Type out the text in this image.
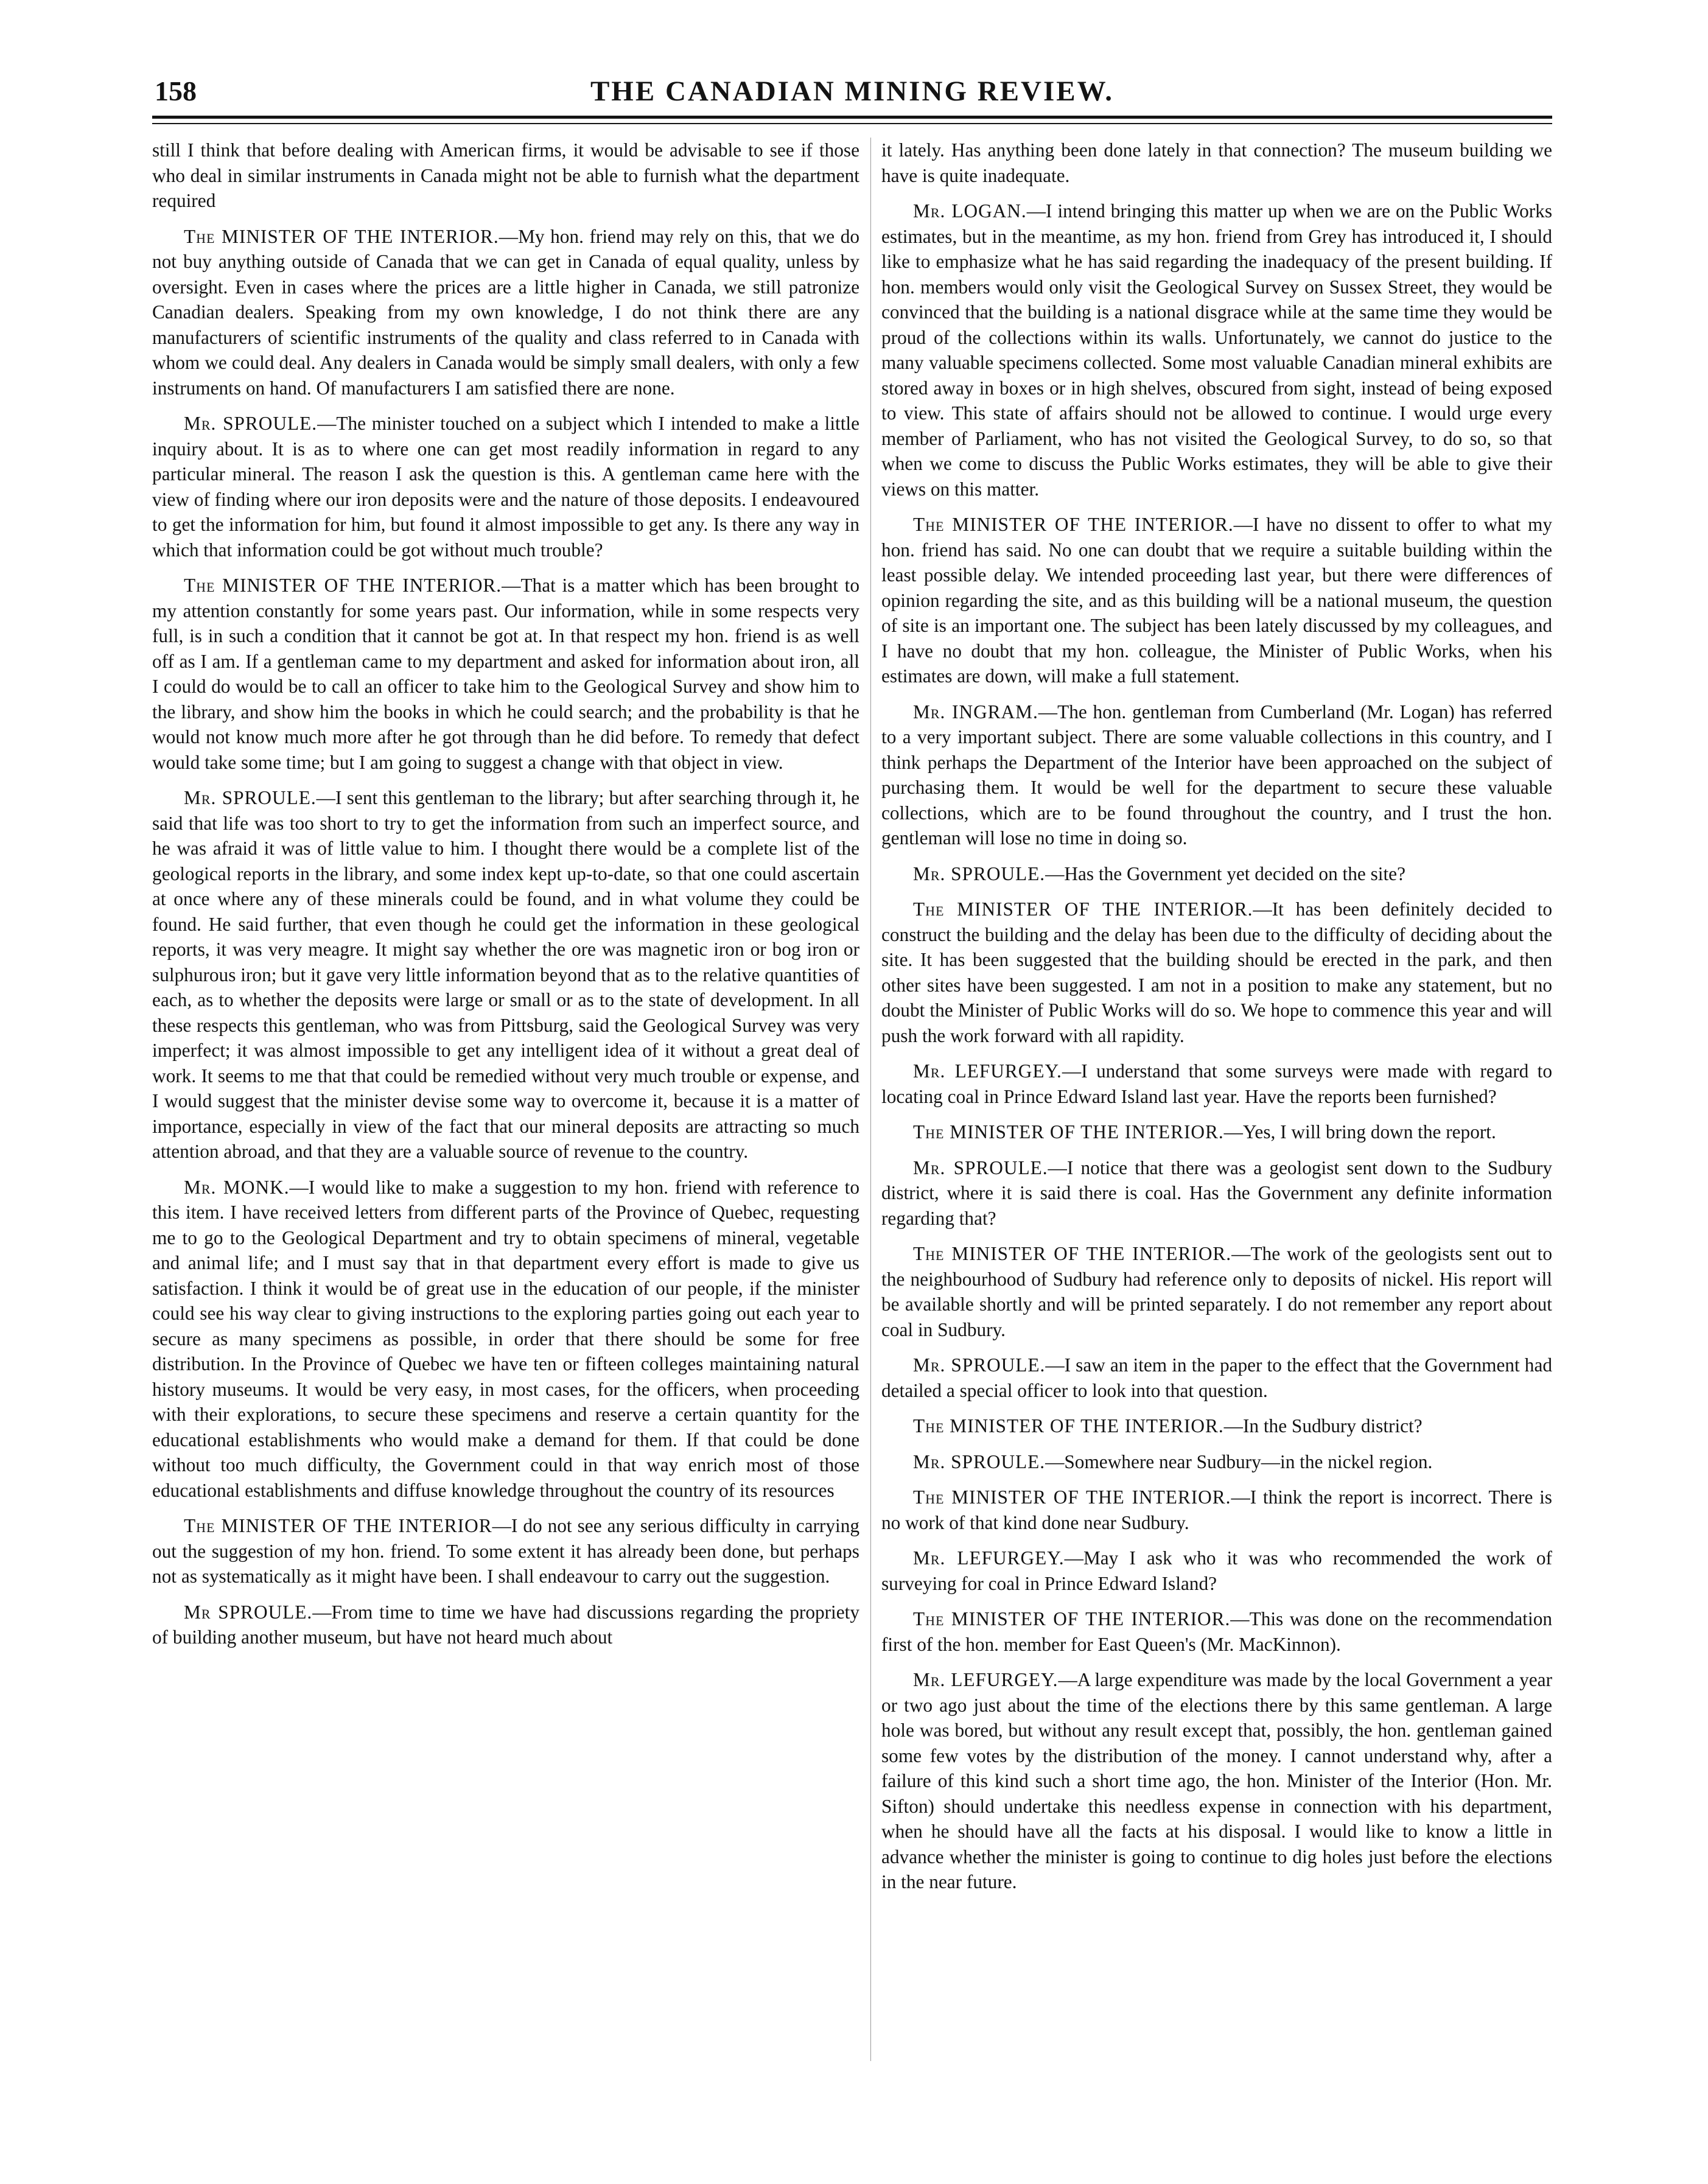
158	THE CANADIAN MINING REVIEW.

still I think that before dealing with American firms, it would be advisable to see if those who deal in similar instruments in Canada might not be able to furnish what the department required

The MINISTER OF THE INTERIOR.—My hon. friend may rely on this, that we do not buy anything outside of Canada that we can get in Canada of equal quality, unless by oversight. Even in cases where the prices are a little higher in Canada, we still patronize Canadian dealers. Speaking from my own knowledge, I do not think there are any manufacturers of scientific instruments of the quality and class referred to in Canada with whom we could deal. Any dealers in Canada would be simply small dealers, with only a few instruments on hand. Of manufacturers I am satisfied there are none.

Mr. SPROULE.—The minister touched on a subject which I intended to make a little inquiry about. It is as to where one can get most readily information in regard to any particular mineral. The reason I ask the question is this. A gentleman came here with the view of finding where our iron deposits were and the nature of those deposits. I endeavoured to get the information for him, but found it almost impossible to get any. Is there any way in which that information could be got without much trouble?

The MINISTER OF THE INTERIOR.—That is a matter which has been brought to my attention constantly for some years past. Our information, while in some respects very full, is in such a condition that it cannot be got at. In that respect my hon. friend is as well off as I am. If a gentleman came to my department and asked for information about iron, all I could do would be to call an officer to take him to the Geological Survey and show him to the library, and show him the books in which he could search; and the probability is that he would not know much more after he got through than he did before. To remedy that defect would take some time; but I am going to suggest a change with that object in view.

Mr. SPROULE.—I sent this gentleman to the library; but after searching through it, he said that life was too short to try to get the information from such an imperfect source, and he was afraid it was of little value to him. I thought there would be a complete list of the geological reports in the library, and some index kept up-to-date, so that one could ascertain at once where any of these minerals could be found, and in what volume they could be found. He said further, that even though he could get the information in these geological reports, it was very meagre. It might say whether the ore was magnetic iron or bog iron or sulphurous iron; but it gave very little information beyond that as to the relative quantities of each, as to whether the deposits were large or small or as to the state of development. In all these respects this gentleman, who was from Pittsburg, said the Geological Survey was very imperfect; it was almost impossible to get any intelligent idea of it without a great deal of work. It seems to me that that could be remedied without very much trouble or expense, and I would suggest that the minister devise some way to overcome it, because it is a matter of importance, especially in view of the fact that our mineral deposits are attracting so much attention abroad, and that they are a valuable source of revenue to the country.

Mr. MONK.—I would like to make a suggestion to my hon. friend with reference to this item. I have received letters from different parts of the Province of Quebec, requesting me to go to the Geological Department and try to obtain specimens of mineral, vegetable and animal life; and I must say that in that department every effort is made to give us satisfaction. I think it would be of great use in the education of our people, if the minister could see his way clear to giving instructions to the exploring parties going out each year to secure as many specimens as possible, in order that there should be some for free distribution. In the Province of Quebec we have ten or fifteen colleges maintaining natural history museums. It would be very easy, in most cases, for the officers, when proceeding with their explorations, to secure these specimens and reserve a certain quantity for the educational establishments who would make a demand for them. If that could be done without too much difficulty, the Government could in that way enrich most of those educational establishments and diffuse knowledge throughout the country of its resources

The MINISTER OF THE INTERIOR—I do not see any serious difficulty in carrying out the suggestion of my hon. friend. To some extent it has already been done, but perhaps not as systematically as it might have been. I shall endeavour to carry out the suggestion.

Mr SPROULE.—From time to time we have had discussions regarding the propriety of building another museum, but have not heard much about

it lately. Has anything been done lately in that connection? The museum building we have is quite inadequate.

Mr. LOGAN.—I intend bringing this matter up when we are on the Public Works estimates, but in the meantime, as my hon. friend from Grey has introduced it, I should like to emphasize what he has said regarding the inadequacy of the present building. If hon. members would only visit the Geological Survey on Sussex Street, they would be convinced that the building is a national disgrace while at the same time they would be proud of the collections within its walls. Unfortunately, we cannot do justice to the many valuable specimens collected. Some most valuable Canadian mineral exhibits are stored away in boxes or in high shelves, obscured from sight, instead of being exposed to view. This state of affairs should not be allowed to continue. I would urge every member of Parliament, who has not visited the Geological Survey, to do so, so that when we come to discuss the Public Works estimates, they will be able to give their views on this matter.

The MINISTER OF THE INTERIOR.—I have no dissent to offer to what my hon. friend has said. No one can doubt that we require a suitable building within the least possible delay. We intended proceeding last year, but there were differences of opinion regarding the site, and as this building will be a national museum, the question of site is an important one. The subject has been lately discussed by my colleagues, and I have no doubt that my hon. colleague, the Minister of Public Works, when his estimates are down, will make a full statement.

Mr. INGRAM.—The hon. gentleman from Cumberland (Mr. Logan) has referred to a very important subject. There are some valuable collections in this country, and I think perhaps the Department of the Interior have been approached on the subject of purchasing them. It would be well for the department to secure these valuable collections, which are to be found throughout the country, and I trust the hon. gentleman will lose no time in doing so.

Mr. SPROULE.—Has the Government yet decided on the site?

The MINISTER OF THE INTERIOR.—It has been definitely decided to construct the building and the delay has been due to the difficulty of deciding about the site. It has been suggested that the building should be erected in the park, and then other sites have been suggested. I am not in a position to make any statement, but no doubt the Minister of Public Works will do so. We hope to commence this year and will push the work forward with all rapidity.

Mr. LEFURGEY.—I understand that some surveys were made with regard to locating coal in Prince Edward Island last year. Have the reports been furnished?

The MINISTER OF THE INTERIOR.—Yes, I will bring down the report.

Mr. SPROULE.—I notice that there was a geologist sent down to the Sudbury district, where it is said there is coal. Has the Government any definite information regarding that?

The MINISTER OF THE INTERIOR.—The work of the geologists sent out to the neighbourhood of Sudbury had reference only to deposits of nickel. His report will be available shortly and will be printed separately. I do not remember any report about coal in Sudbury.

Mr. SPROULE.—I saw an item in the paper to the effect that the Government had detailed a special officer to look into that question.

The MINISTER OF THE INTERIOR.—In the Sudbury district?

Mr. SPROULE.—Somewhere near Sudbury—in the nickel region.

The MINISTER OF THE INTERIOR.—I think the report is incorrect. There is no work of that kind done near Sudbury.

Mr. LEFURGEY.—May I ask who it was who recommended the work of surveying for coal in Prince Edward Island?

The MINISTER OF THE INTERIOR.—This was done on the recommendation first of the hon. member for East Queen's (Mr. MacKinnon).

Mr. LEFURGEY.—A large expenditure was made by the local Government a year or two ago just about the time of the elections there by this same gentleman. A large hole was bored, but without any result except that, possibly, the hon. gentleman gained some few votes by the distribution of the money. I cannot understand why, after a failure of this kind such a short time ago, the hon. Minister of the Interior (Hon. Mr. Sifton) should undertake this needless expense in connection with his department, when he should have all the facts at his disposal. I would like to know a little in advance whether the minister is going to continue to dig holes just before the elections in the near future.
